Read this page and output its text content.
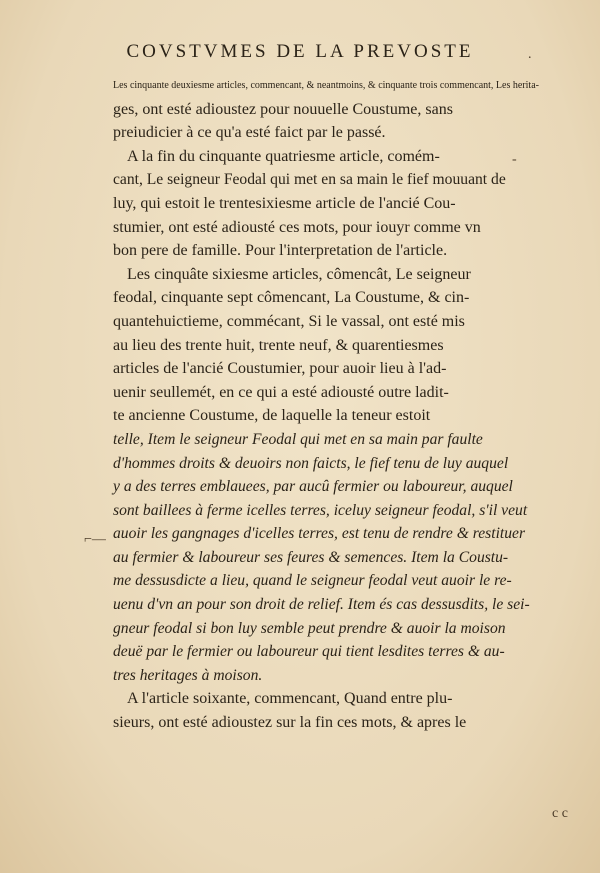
COVSTVMES DE LA PREVOSTE	.
-
⌐—
c c
Les cinquante deuxiesme articles, commencant, & neantmoins, & cinquante trois commencant, Les herita-
ges, ont esté adioustez pour nouuelle Coustume, sans
preiudicier à ce qu'a esté faict par le passé.
A la fin du cinquante quatriesme article, comém-
cant, Le seigneur Feodal qui met en sa main le fief mouuant de
luy, qui estoit le trentesixiesme article de l'ancié Cou-
stumier, ont esté adiousté ces mots, pour iouyr comme vn
bon pere de famille. Pour l'interpretation de l'article.
Les cinquâte sixiesme articles, cômencât, Le seigneur
feodal, cinquante sept cômencant, La Coustume, & cin-
quantehuictieme, commécant, Si le vassal, ont esté mis
au lieu des trente huit, trente neuf, & quarentiesmes
articles de l'ancié Coustumier, pour auoir lieu à l'ad-
uenir seullemét, en ce qui a esté adiousté outre ladit-
te ancienne Coustume, de laquelle la teneur estoit
telle, Item le seigneur Feodal qui met en sa main par faulte
d'hommes droits & deuoirs non faicts, le fief tenu de luy auquel
y a des terres emblauees, par aucû fermier ou laboureur, auquel
sont baillees à ferme icelles terres, iceluy seigneur feodal, s'il veut
auoir les gangnages d'icelles terres, est tenu de rendre & restituer
au fermier & laboureur ses feures & semences. Item la Coustu-
me dessusdicte a lieu, quand le seigneur feodal veut auoir le re-
uenu d'vn an pour son droit de relief. Item és cas dessusdits, le sei-
gneur feodal si bon luy semble peut prendre & auoir la moison
deuë par le fermier ou laboureur qui tient lesdites terres & au-
tres heritages à moison.
A l'article soixante, commencant, Quand entre plu-
sieurs, ont esté adioustez sur la fin ces mots, & apres le
